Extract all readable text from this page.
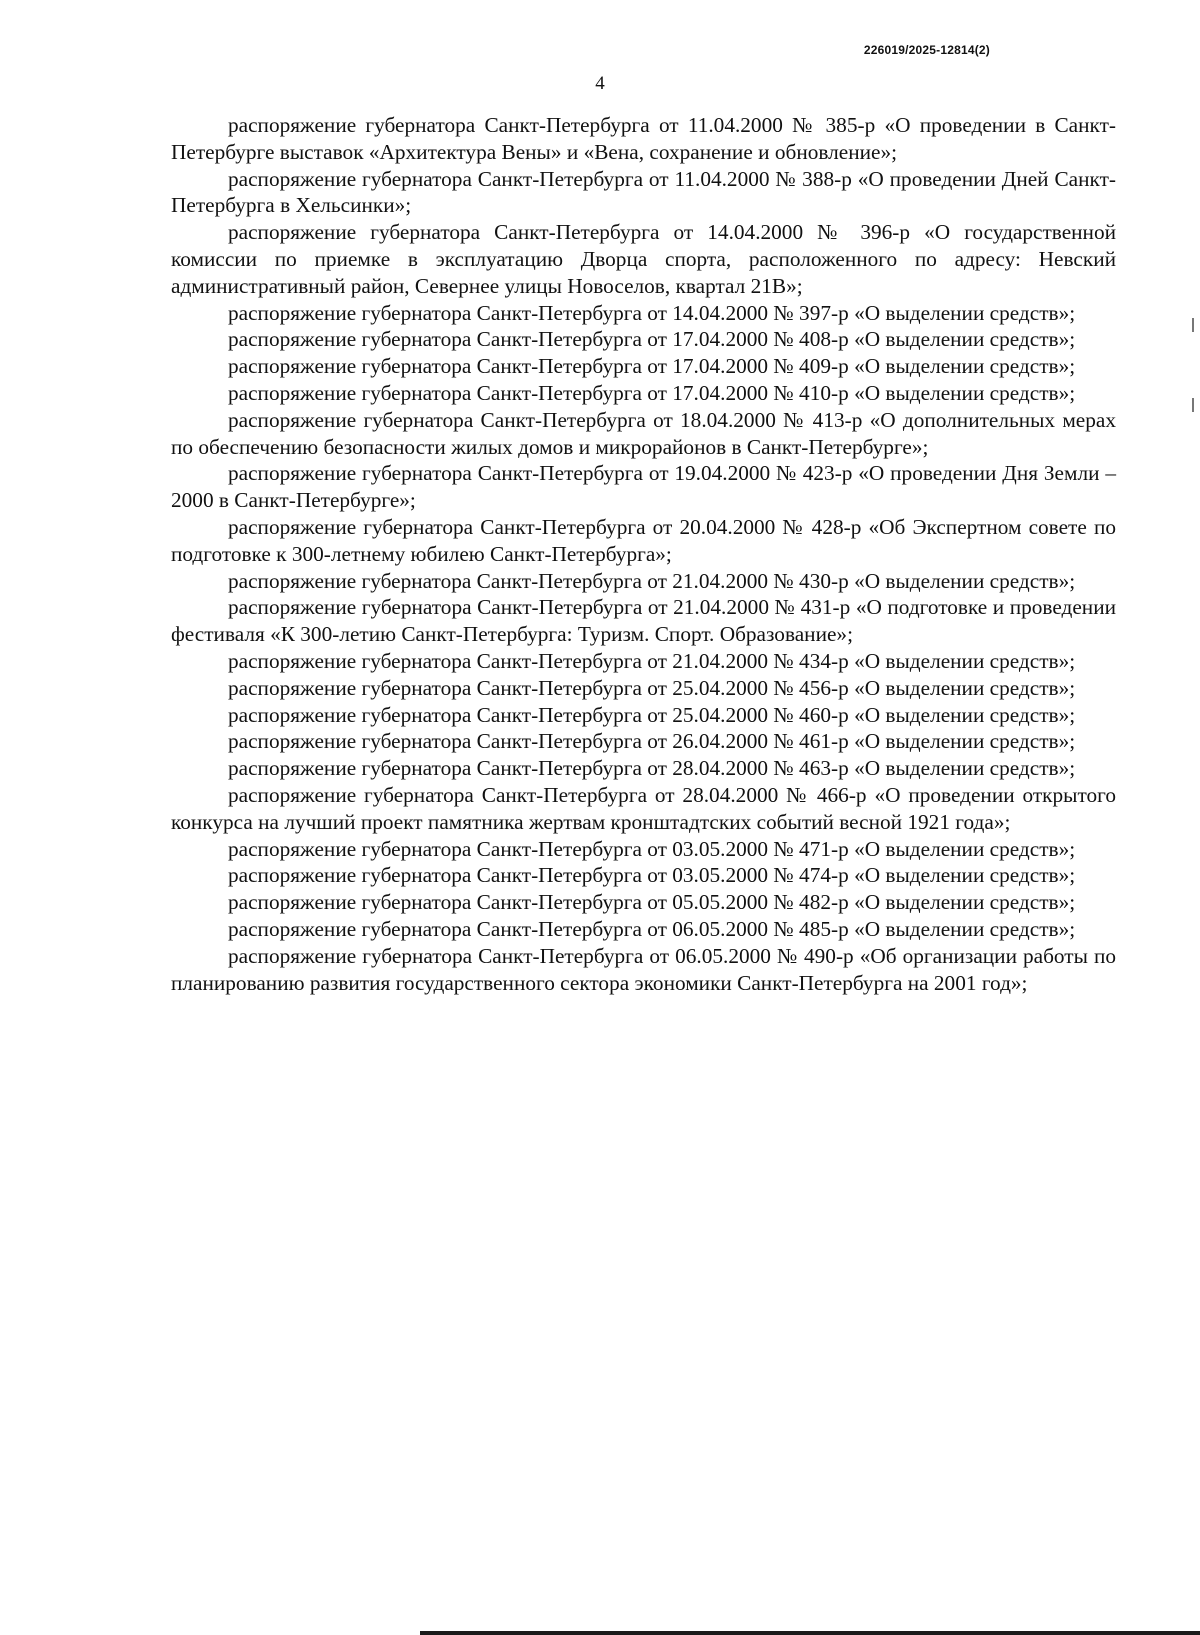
226019/2025-12814(2)
4

распоряжение губернатора Санкт-Петербурга от 11.04.2000 № 385-р «О проведении в Санкт-Петербурге выставок «Архитектура Вены» и «Вена, сохранение и обновление»;

распоряжение губернатора Санкт-Петербурга от 11.04.2000 № 388-р «О проведении Дней Санкт-Петербурга в Хельсинки»;

распоряжение губернатора Санкт-Петербурга от 14.04.2000 № 396-р «О государственной комиссии по приемке в эксплуатацию Дворца спорта, расположенного по адресу: Невский административный район, Севернее улицы Новоселов, квартал 21В»;

распоряжение губернатора Санкт-Петербурга от 14.04.2000 № 397-р «О выделении средств»;

распоряжение губернатора Санкт-Петербурга от 17.04.2000 № 408-р «О выделении средств»;

распоряжение губернатора Санкт-Петербурга от 17.04.2000 № 409-р «О выделении средств»;

распоряжение губернатора Санкт-Петербурга от 17.04.2000 № 410-р «О выделении средств»;

распоряжение губернатора Санкт-Петербурга от 18.04.2000 № 413-р «О дополнительных мерах по обеспечению безопасности жилых домов и микрорайонов в Санкт-Петербурге»;

распоряжение губернатора Санкт-Петербурга от 19.04.2000 № 423-р «О проведении Дня Земли – 2000 в Санкт-Петербурге»;

распоряжение губернатора Санкт-Петербурга от 20.04.2000 № 428-р «Об Экспертном совете по подготовке к 300-летнему юбилею Санкт-Петербурга»;

распоряжение губернатора Санкт-Петербурга от 21.04.2000 № 430-р «О выделении средств»;

распоряжение губернатора Санкт-Петербурга от 21.04.2000 № 431-р «О подготовке и проведении фестиваля «К 300-летию Санкт-Петербурга: Туризм. Спорт. Образование»;

распоряжение губернатора Санкт-Петербурга от 21.04.2000 № 434-р «О выделении средств»;

распоряжение губернатора Санкт-Петербурга от 25.04.2000 № 456-р «О выделении средств»;

распоряжение губернатора Санкт-Петербурга от 25.04.2000 № 460-р «О выделении средств»;

распоряжение губернатора Санкт-Петербурга от 26.04.2000 № 461-р «О выделении средств»;

распоряжение губернатора Санкт-Петербурга от 28.04.2000 № 463-р «О выделении средств»;

распоряжение губернатора Санкт-Петербурга от 28.04.2000 № 466-р «О проведении открытого конкурса на лучший проект памятника жертвам кронштадтских событий весной 1921 года»;

распоряжение губернатора Санкт-Петербурга от 03.05.2000 № 471-р «О выделении средств»;

распоряжение губернатора Санкт-Петербурга от 03.05.2000 № 474-р «О выделении средств»;

распоряжение губернатора Санкт-Петербурга от 05.05.2000 № 482-р «О выделении средств»;

распоряжение губернатора Санкт-Петербурга от 06.05.2000 № 485-р «О выделении средств»;

распоряжение губернатора Санкт-Петербурга от 06.05.2000 № 490-р «Об организации работы по планированию развития государственного сектора экономики Санкт-Петербурга на 2001 год»;
